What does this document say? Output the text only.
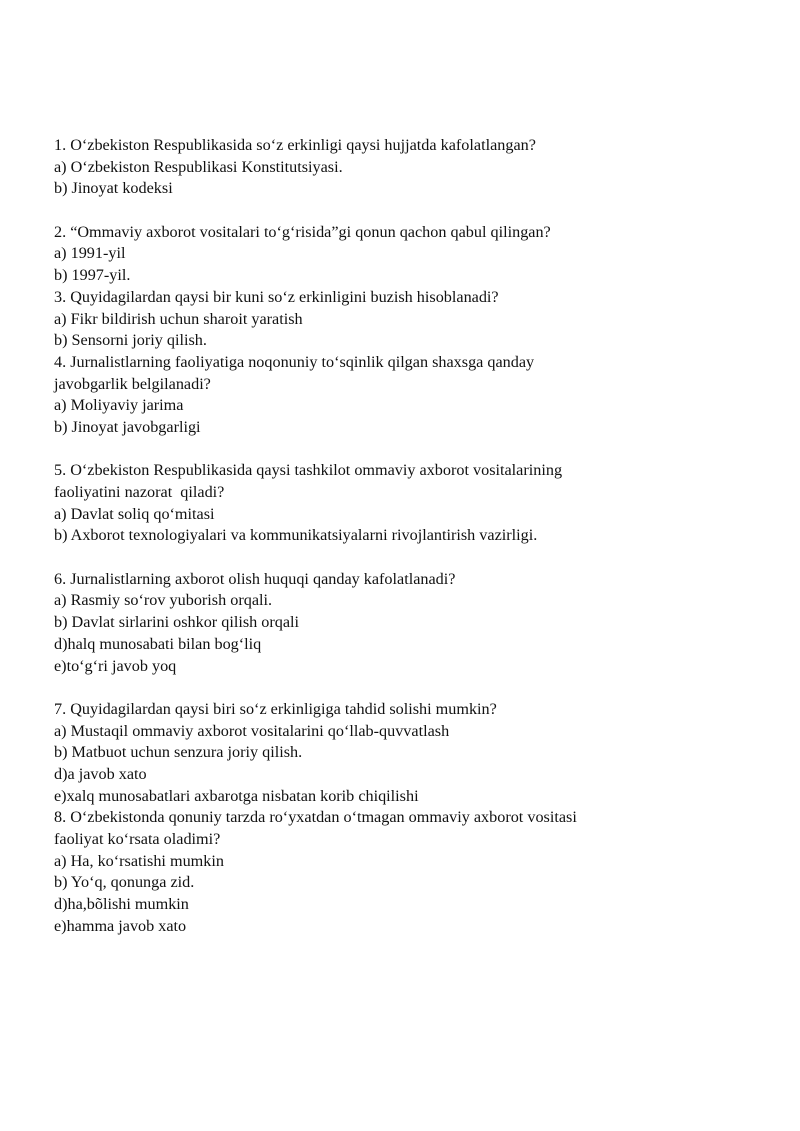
1. O‘zbekiston Respublikasida so‘z erkinligi qaysi hujjatda kafolatlangan?
a) O‘zbekiston Respublikasi Konstitutsiyasi.
b) Jinoyat kodeksi
2. “Ommaviy axborot vositalari to‘g‘risida”gi qonun qachon qabul qilingan?
a) 1991-yil
b) 1997-yil.
3. Quyidagilardan qaysi bir kuni so‘z erkinligini buzish hisoblanadi?
a) Fikr bildirish uchun sharoit yaratish
b) Sensorni joriy qilish.
4. Jurnalistlarning faoliyatiga noqonuniy to‘sqinlik qilgan shaxsga qanday
javobgarlik belgilanadi?
a) Moliyaviy jarima
b) Jinoyat javobgarligi
5. O‘zbekiston Respublikasida qaysi tashkilot ommaviy axborot vositalarining
faoliyatini nazorat  qiladi?
a) Davlat soliq qo‘mitasi
b) Axborot texnologiyalari va kommunikatsiyalarni rivojlantirish vazirligi.
6. Jurnalistlarning axborot olish huquqi qanday kafolatlanadi?
a) Rasmiy so‘rov yuborish orqali.
b) Davlat sirlarini oshkor qilish orqali
d)halq munosabati bilan bog‘liq
e)to‘g‘ri javob yoq
7. Quyidagilardan qaysi biri so‘z erkinligiga tahdid solishi mumkin?
a) Mustaqil ommaviy axborot vositalarini qo‘llab-quvvatlash
b) Matbuot uchun senzura joriy qilish.
d)a javob xato
e)xalq munosabatlari axbarotga nisbatan korib chiqilishi
8. O‘zbekistonda qonuniy tarzda ro‘yxatdan o‘tmagan ommaviy axborot vositasi
faoliyat ko‘rsata oladimi?
a) Ha, ko‘rsatishi mumkin
b) Yo‘q, qonunga zid.
d)ha,bõlishi mumkin
e)hamma javob xato
